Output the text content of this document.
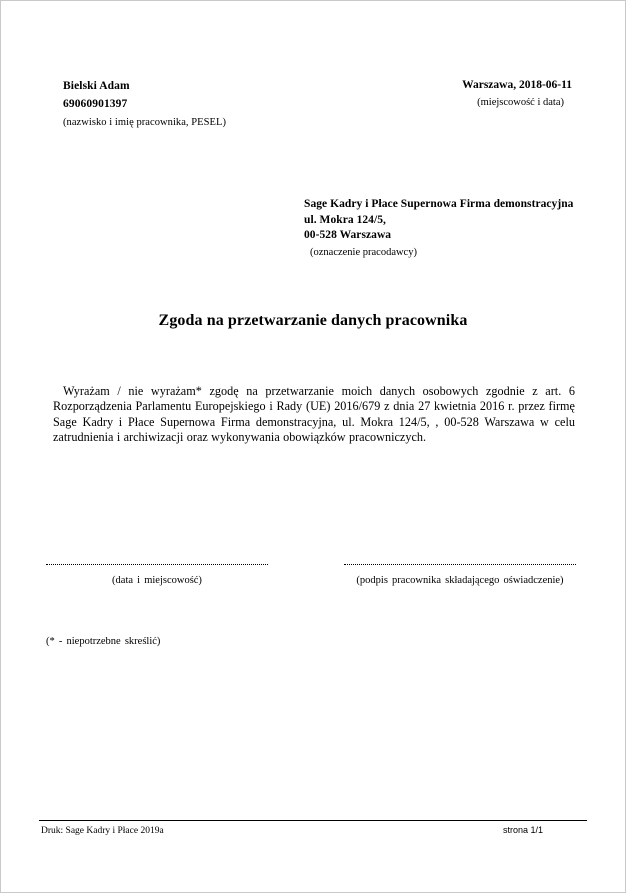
Bielski Adam
69060901397
(nazwisko i imię pracownika, PESEL)
Warszawa, 2018-06-11
(miejscowość i data)
Sage Kadry i Płace Supernowa Firma demonstracyjna
ul. Mokra 124/5,
00-528 Warszawa
(oznaczenie pracodawcy)
Zgoda na przetwarzanie danych pracownika
Wyrażam / nie wyrażam* zgodę na przetwarzanie moich danych osobowych zgodnie z art. 6 Rozporządzenia Parlamentu Europejskiego i Rady (UE) 2016/679 z dnia 27 kwietnia 2016 r. przez firmę Sage Kadry i Płace Supernowa Firma demonstracyjna, ul. Mokra 124/5, , 00-528 Warszawa w celu zatrudnienia i archiwizacji oraz wykonywania obowiązków pracowniczych.
(data i miejscowość)	(podpis pracownika składającego oświadczenie)
(* - niepotrzebne skreślić)
Druk: Sage Kadry i Płace 2019a	strona 1/1
